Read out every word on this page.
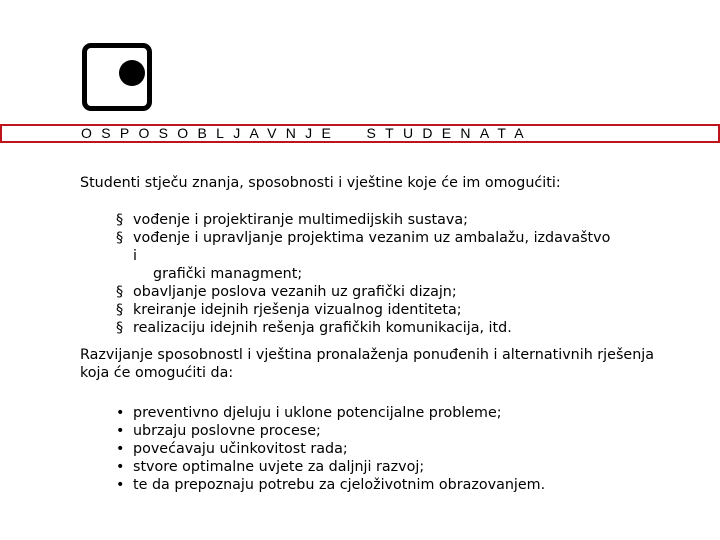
OSPOSOBLJAVNJE  STUDENATA

Studenti stječu znanja, sposobnosti i vještine koje će im omogućiti:

§ vođenje i projektiranje multimedijskih sustava;
§ vođenje i upravljanje projektima vezanim uz ambalažu, izdavaštvo i
grafički managment;
§ obavljanje poslova vezanih uz grafički dizajn;
§ kreiranje idejnih rješenja vizualnog identiteta;
§ realizaciju idejnih rešenja grafičkih komunikacija, itd.

Razvijanje sposobnostl i vještina pronalaženja ponuđenih i alternativnih rješenja
koja će omogućiti da:

• preventivno djeluju i uklone potencijalne probleme;
• ubrzaju poslovne procese;
• povećavaju učinkovitost rada;
• stvore optimalne uvjete za daljnji razvoj;
• te da prepoznaju potrebu za cjeloživotnim obrazovanjem.
